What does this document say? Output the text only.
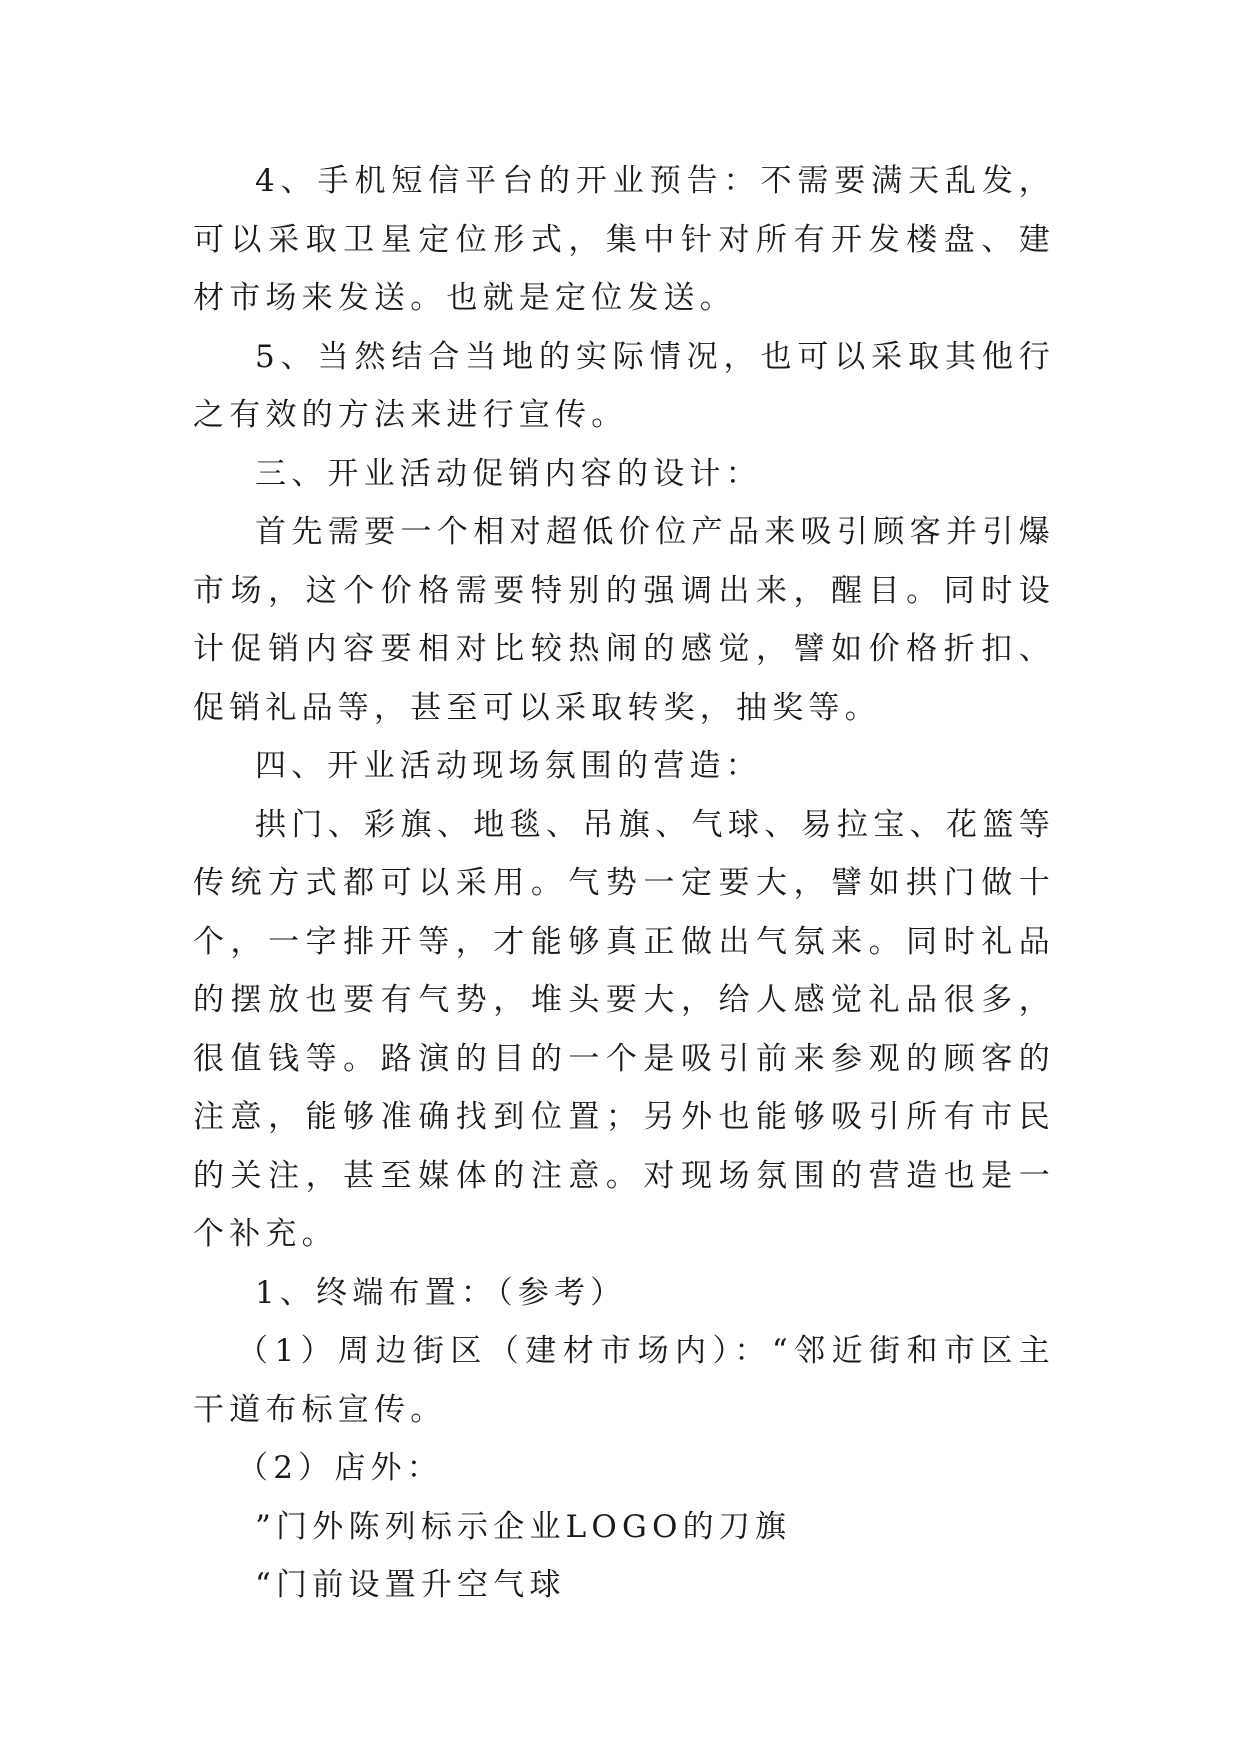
4、手机短信平台的开业预告：不需要满天乱发，可以采取卫星定位形式，集中针对所有开发楼盘、建材市场来发送。也就是定位发送。

5、当然结合当地的实际情况，也可以采取其他行之有效的方法来进行宣传。

三、开业活动促销内容的设计：

首先需要一个相对超低价位产品来吸引顾客并引爆市场，这个价格需要特别的强调出来，醒目。同时设计促销内容要相对比较热闹的感觉，譬如价格折扣、促销礼品等，甚至可以采取转奖，抽奖等。

四、开业活动现场氛围的营造：

拱门、彩旗、地毯、吊旗、气球、易拉宝、花篮等传统方式都可以采用。气势一定要大，譬如拱门做十个，一字排开等，才能够真正做出气氛来。同时礼品的摆放也要有气势，堆头要大，给人感觉礼品很多，很值钱等。路演的目的一个是吸引前来参观的顾客的注意，能够准确找到位置；另外也能够吸引所有市民的关注，甚至媒体的注意。对现场氛围的营造也是一个补充。

1、终端布置：（参考）

（1）周边街区（建材市场内）：“邻近街和市区主干道布标宣传。

（2）店外：

”门外陈列标示企业LOGO的刀旗

“门前设置升空气球
